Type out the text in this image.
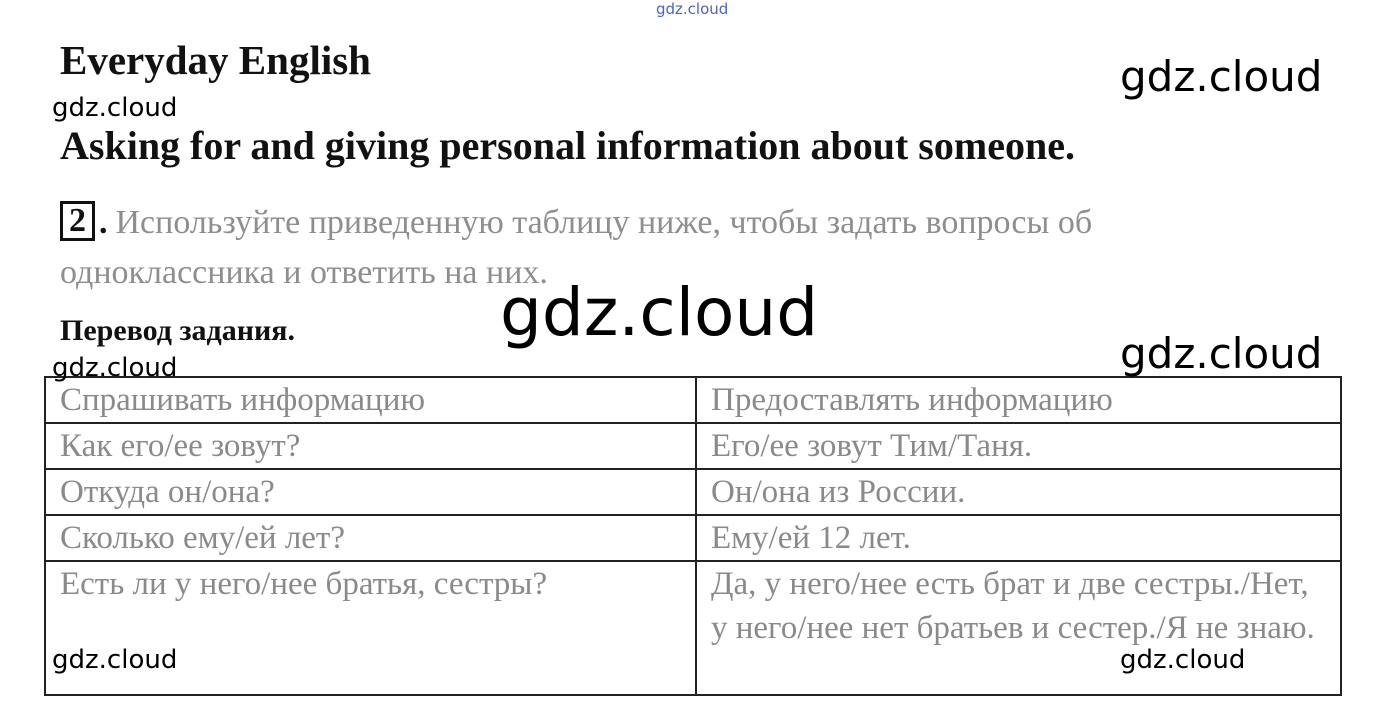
gdz.cloud
gdz.cloud
gdz.cloud
Everyday English
Asking for and giving personal information about someone.
2 . Используйте приведенную таблицу ниже, чтобы задать вопросы об одноклассника и ответить на них.
Перевод задания.
Спрашивать информацию	Предоставлять информацию
Как его/ее зовут?	Его/ее зовут Тим/Таня.
Откуда он/она?	Он/она из России.
Сколько ему/ей лет?	Ему/ей 12 лет.
Есть ли у него/нее братья, сестры?	Да, у него/нее есть брат и две сестры./Нет, у него/нее нет братьев и сестер./Я не знаю.
gdz.cloud
gdz.cloud
gdz.cloud
gdz.cloud	gdz.cloud
